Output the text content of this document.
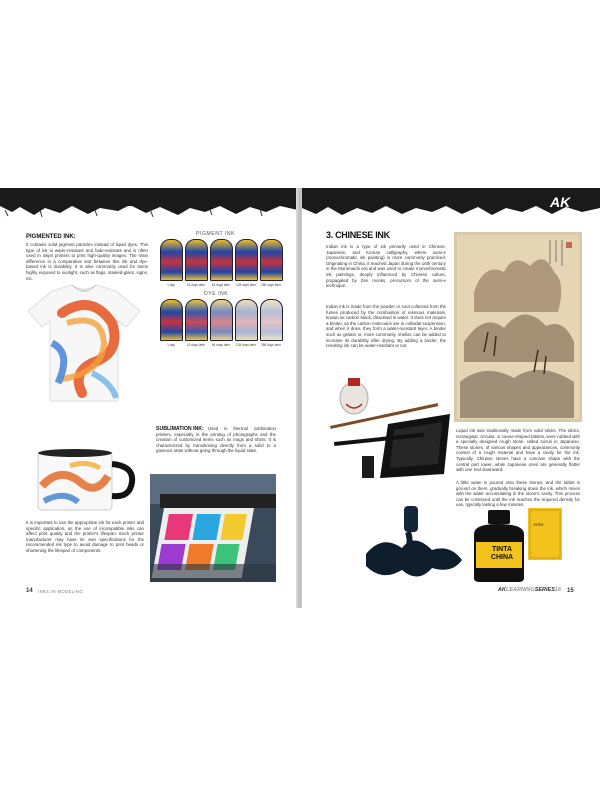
PIGMENTED INK:
It contains solid pigment particles instead of liquid dyes. This type of ink is water-resistant and fade-resistant and is often used in inkjet printers to print high-quality images. The main difference in a comparative test between this ink and dye-based ink is durability. It is also commonly used for items highly exposed to sunlight, such as flags, stained-glass, signs, etc.
PIGMENT INK
DYE INK
SUBLIMATION INK: Used in thermal sublimation printers, especially in the printing of photographs and the creation of customized items such as mugs and shirts. It is characterized by transitioning directly from a solid to a gaseous state without going through the liquid state.
It is important to use the appropriate ink for each printer and specific application, as the use of incompatible inks can affect print quality and the printer's lifespan. Each printer manufacturer may have its own specifications for the recommended ink type to avoid damage to print heads or shortening the lifespan of components.
14 INKS IN MODELING
1 day	16 days later	64 days later	128 days later	288 days later
1 day	16 days later	64 days later	128 days later	288 days later
AK
3. CHINESE INK
Indian ink is a type of ink primarily used in Chinese, Japanese, and Korean calligraphy, where sumi-e (monochromatic ink painting) is more commonly practiced. Originating in China, it reached Japan during the 16th century in the Muromachi era and was used to create monochromatic ink paintings, deeply influenced by Chinese culture, propagated by Zen monks, precursors of the sumi-e technique.
Indian ink is made from the powder or soot collected from the fumes produced by the combustion of resinous materials, known as carbon black, dissolved in water. It does not require a binder, as the carbon molecules are in colloidal suspension, and when it dries, they form a water-resistant layer. A binder such as gelatin or, more commonly, shellac can be added to increase its durability after drying. By adding a binder, the resulting ink can be water-resistant or not.
Liquid ink was traditionally made from solid sticks. The sticks, rectangular, circular, or canoe-shaped tablets, were rubbed with a specially designed rough stone, called suzuri in Japanese. These stones, of various shapes and appearances, commonly consist of a rough material and have a cavity for the ink. Typically, Chinese stones have a concave shape with the central part lower, while Japanese ones are generally flatter with one end downward.
A little water is poured onto these stones, and the tablet is ground on them, gradually breaking down the ink, which mixes with the water accumulating in the stone's cavity. This process can be continued until the ink reaches the required density for use, typically lasting a few minutes.
TINTA
CHINA
Artist
AKLEARNINGSERIES16 15
